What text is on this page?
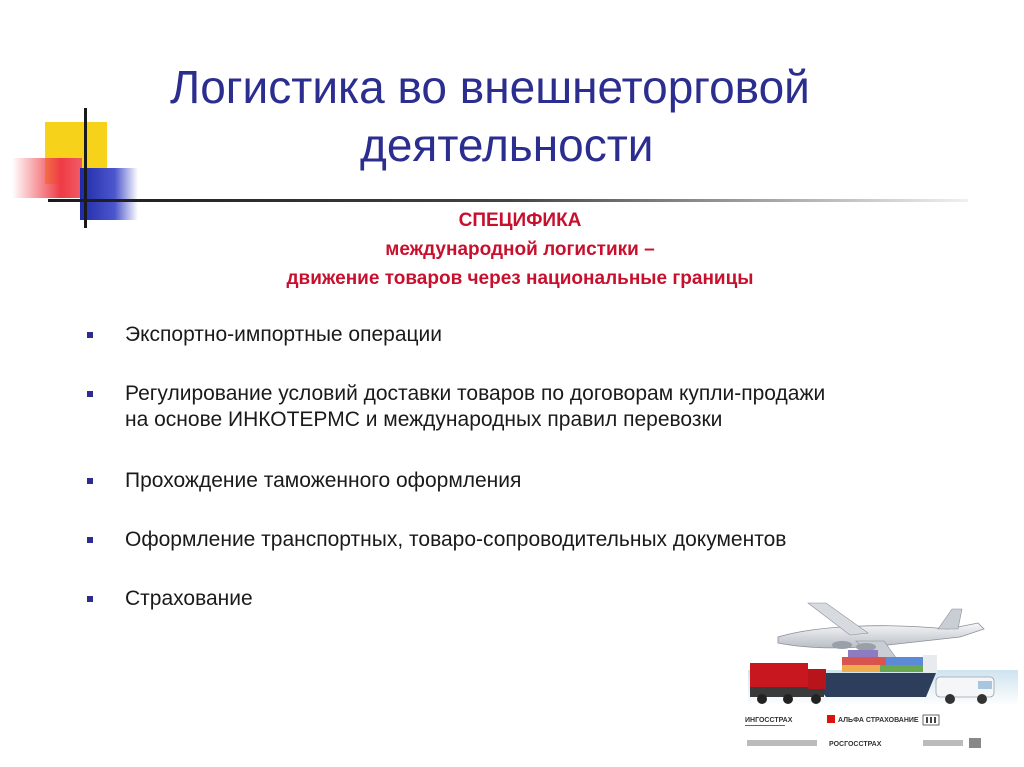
Логистика во внешнеторговой
деятельности
СПЕЦИФИКА
международной логистики –
движение товаров через национальные границы
Экспортно-импортные операции
Регулирование условий доставки товаров по договорам купли-продажи
на основе ИНКОТЕРМС и международных правил перевозки
Прохождение таможенного оформления
Оформление транспортных, товаро-сопроводительных документов
Страхование
ИНГОССТРАХ	АЛЬФА СТРАХОВАНИЕ
РОСГОССТРАХ
